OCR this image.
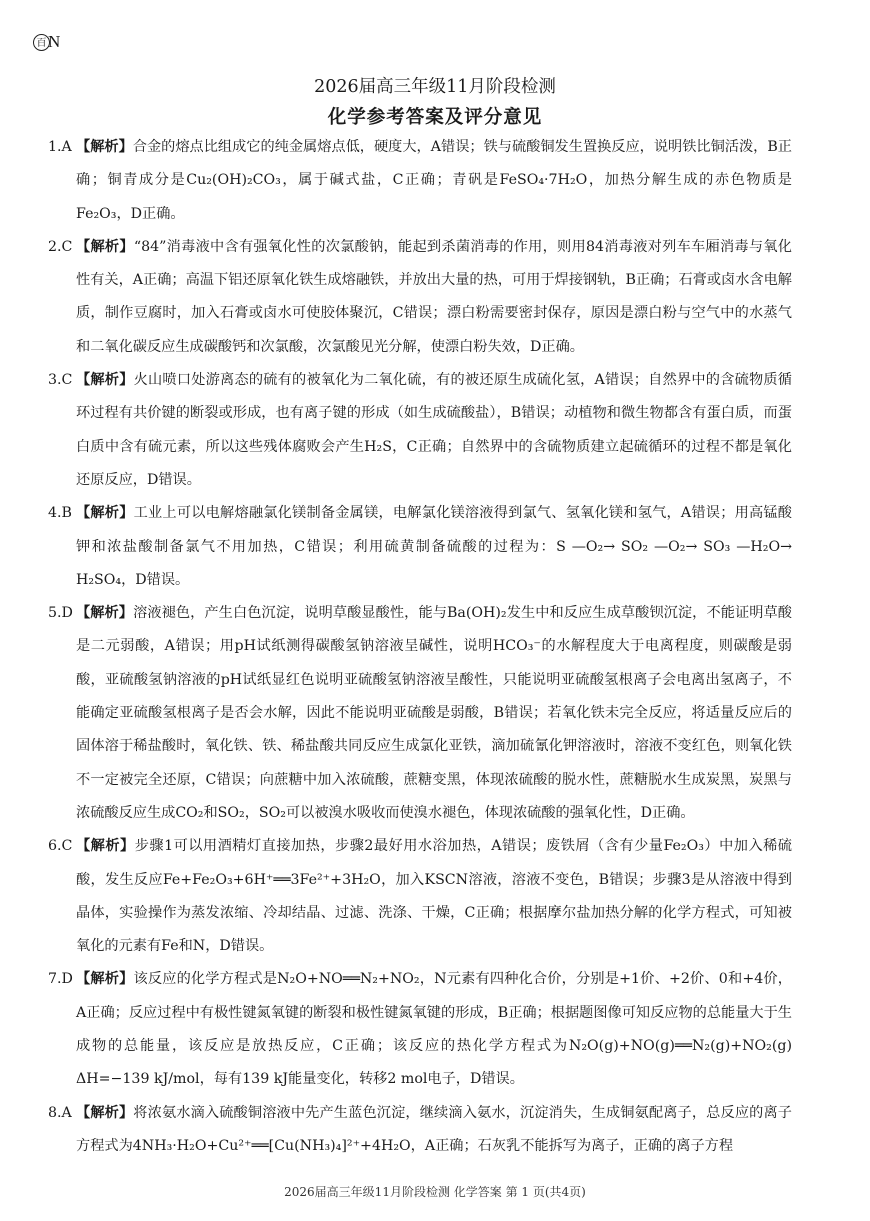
百 N
2026届高三年级11月阶段检测
化学参考答案及评分意见
1.A 【解析】合金的熔点比组成它的纯金属熔点低，硬度大，A错误；铁与硫酸铜发生置换反应，说明铁比铜活泼，B正确；铜青成分是Cu₂(OH)₂CO₃，属于碱式盐，C正确；青矾是FeSO₄·7H₂O，加热分解生成的赤色物质是Fe₂O₃，D正确。
2.C 【解析】“84”消毒液中含有强氧化性的次氯酸钠，能起到杀菌消毒的作用，则用84消毒液对列车车厢消毒与氧化性有关，A正确；高温下铝还原氧化铁生成熔融铁，并放出大量的热，可用于焊接钢轨，B正确；石膏或卤水含电解质，制作豆腐时，加入石膏或卤水可使胶体聚沉，C错误；漂白粉需要密封保存，原因是漂白粉与空气中的水蒸气和二氧化碳反应生成碳酸钙和次氯酸，次氯酸见光分解，使漂白粉失效，D正确。
3.C 【解析】火山喷口处游离态的硫有的被氧化为二氧化硫，有的被还原生成硫化氢，A错误；自然界中的含硫物质循环过程有共价键的断裂或形成，也有离子键的形成（如生成硫酸盐），B错误；动植物和微生物都含有蛋白质，而蛋白质中含有硫元素，所以这些残体腐败会产生H₂S，C正确；自然界中的含硫物质建立起硫循环的过程不都是氧化还原反应，D错误。
4.B 【解析】工业上可以电解熔融氯化镁制备金属镁，电解氯化镁溶液得到氯气、氢氧化镁和氢气，A错误；用高锰酸钾和浓盐酸制备氯气不用加热，C错误；利用硫黄制备硫酸的过程为：S —O₂→ SO₂ —O₂→ SO₃ —H₂O→ H₂SO₄，D错误。
5.D 【解析】溶液褪色，产生白色沉淀，说明草酸显酸性，能与Ba(OH)₂发生中和反应生成草酸钡沉淀，不能证明草酸是二元弱酸，A错误；用pH试纸测得碳酸氢钠溶液呈碱性，说明HCO₃⁻的水解程度大于电离程度，则碳酸是弱酸，亚硫酸氢钠溶液的pH试纸显红色说明亚硫酸氢钠溶液呈酸性，只能说明亚硫酸氢根离子会电离出氢离子，不能确定亚硫酸氢根离子是否会水解，因此不能说明亚硫酸是弱酸，B错误；若氧化铁未完全反应，将适量反应后的固体溶于稀盐酸时，氧化铁、铁、稀盐酸共同反应生成氯化亚铁，滴加硫氰化钾溶液时，溶液不变红色，则氧化铁不一定被完全还原，C错误；向蔗糖中加入浓硫酸，蔗糖变黑，体现浓硫酸的脱水性，蔗糖脱水生成炭黑，炭黑与浓硫酸反应生成CO₂和SO₂，SO₂可以被溴水吸收而使溴水褪色，体现浓硫酸的强氧化性，D正确。
6.C 【解析】步骤1可以用酒精灯直接加热，步骤2最好用水浴加热，A错误；废铁屑（含有少量Fe₂O₃）中加入稀硫酸，发生反应Fe+Fe₂O₃+6H⁺══3Fe²⁺+3H₂O，加入KSCN溶液，溶液不变色，B错误；步骤3是从溶液中得到晶体，实验操作为蒸发浓缩、冷却结晶、过滤、洗涤、干燥，C正确；根据摩尔盐加热分解的化学方程式，可知被氧化的元素有Fe和N，D错误。
7.D 【解析】该反应的化学方程式是N₂O+NO══N₂+NO₂，N元素有四种化合价，分别是+1价、+2价、0和+4价，A正确；反应过程中有极性键氮氧键的断裂和极性键氮氧键的形成，B正确；根据题图像可知反应物的总能量大于生成物的总能量，该反应是放热反应，C正确；该反应的热化学方程式为N₂O(g)+NO(g)══N₂(g)+NO₂(g)　ΔH=−139 kJ/mol，每有139 kJ能量变化，转移2 mol电子，D错误。
8.A 【解析】将浓氨水滴入硫酸铜溶液中先产生蓝色沉淀，继续滴入氨水，沉淀消失，生成铜氨配离子，总反应的离子方程式为4NH₃·H₂O+Cu²⁺══[Cu(NH₃)₄]²⁺+4H₂O，A正确；石灰乳不能拆写为离子，正确的离子方程
2026届高三年级11月阶段检测 化学答案 第 1 页(共4页)
